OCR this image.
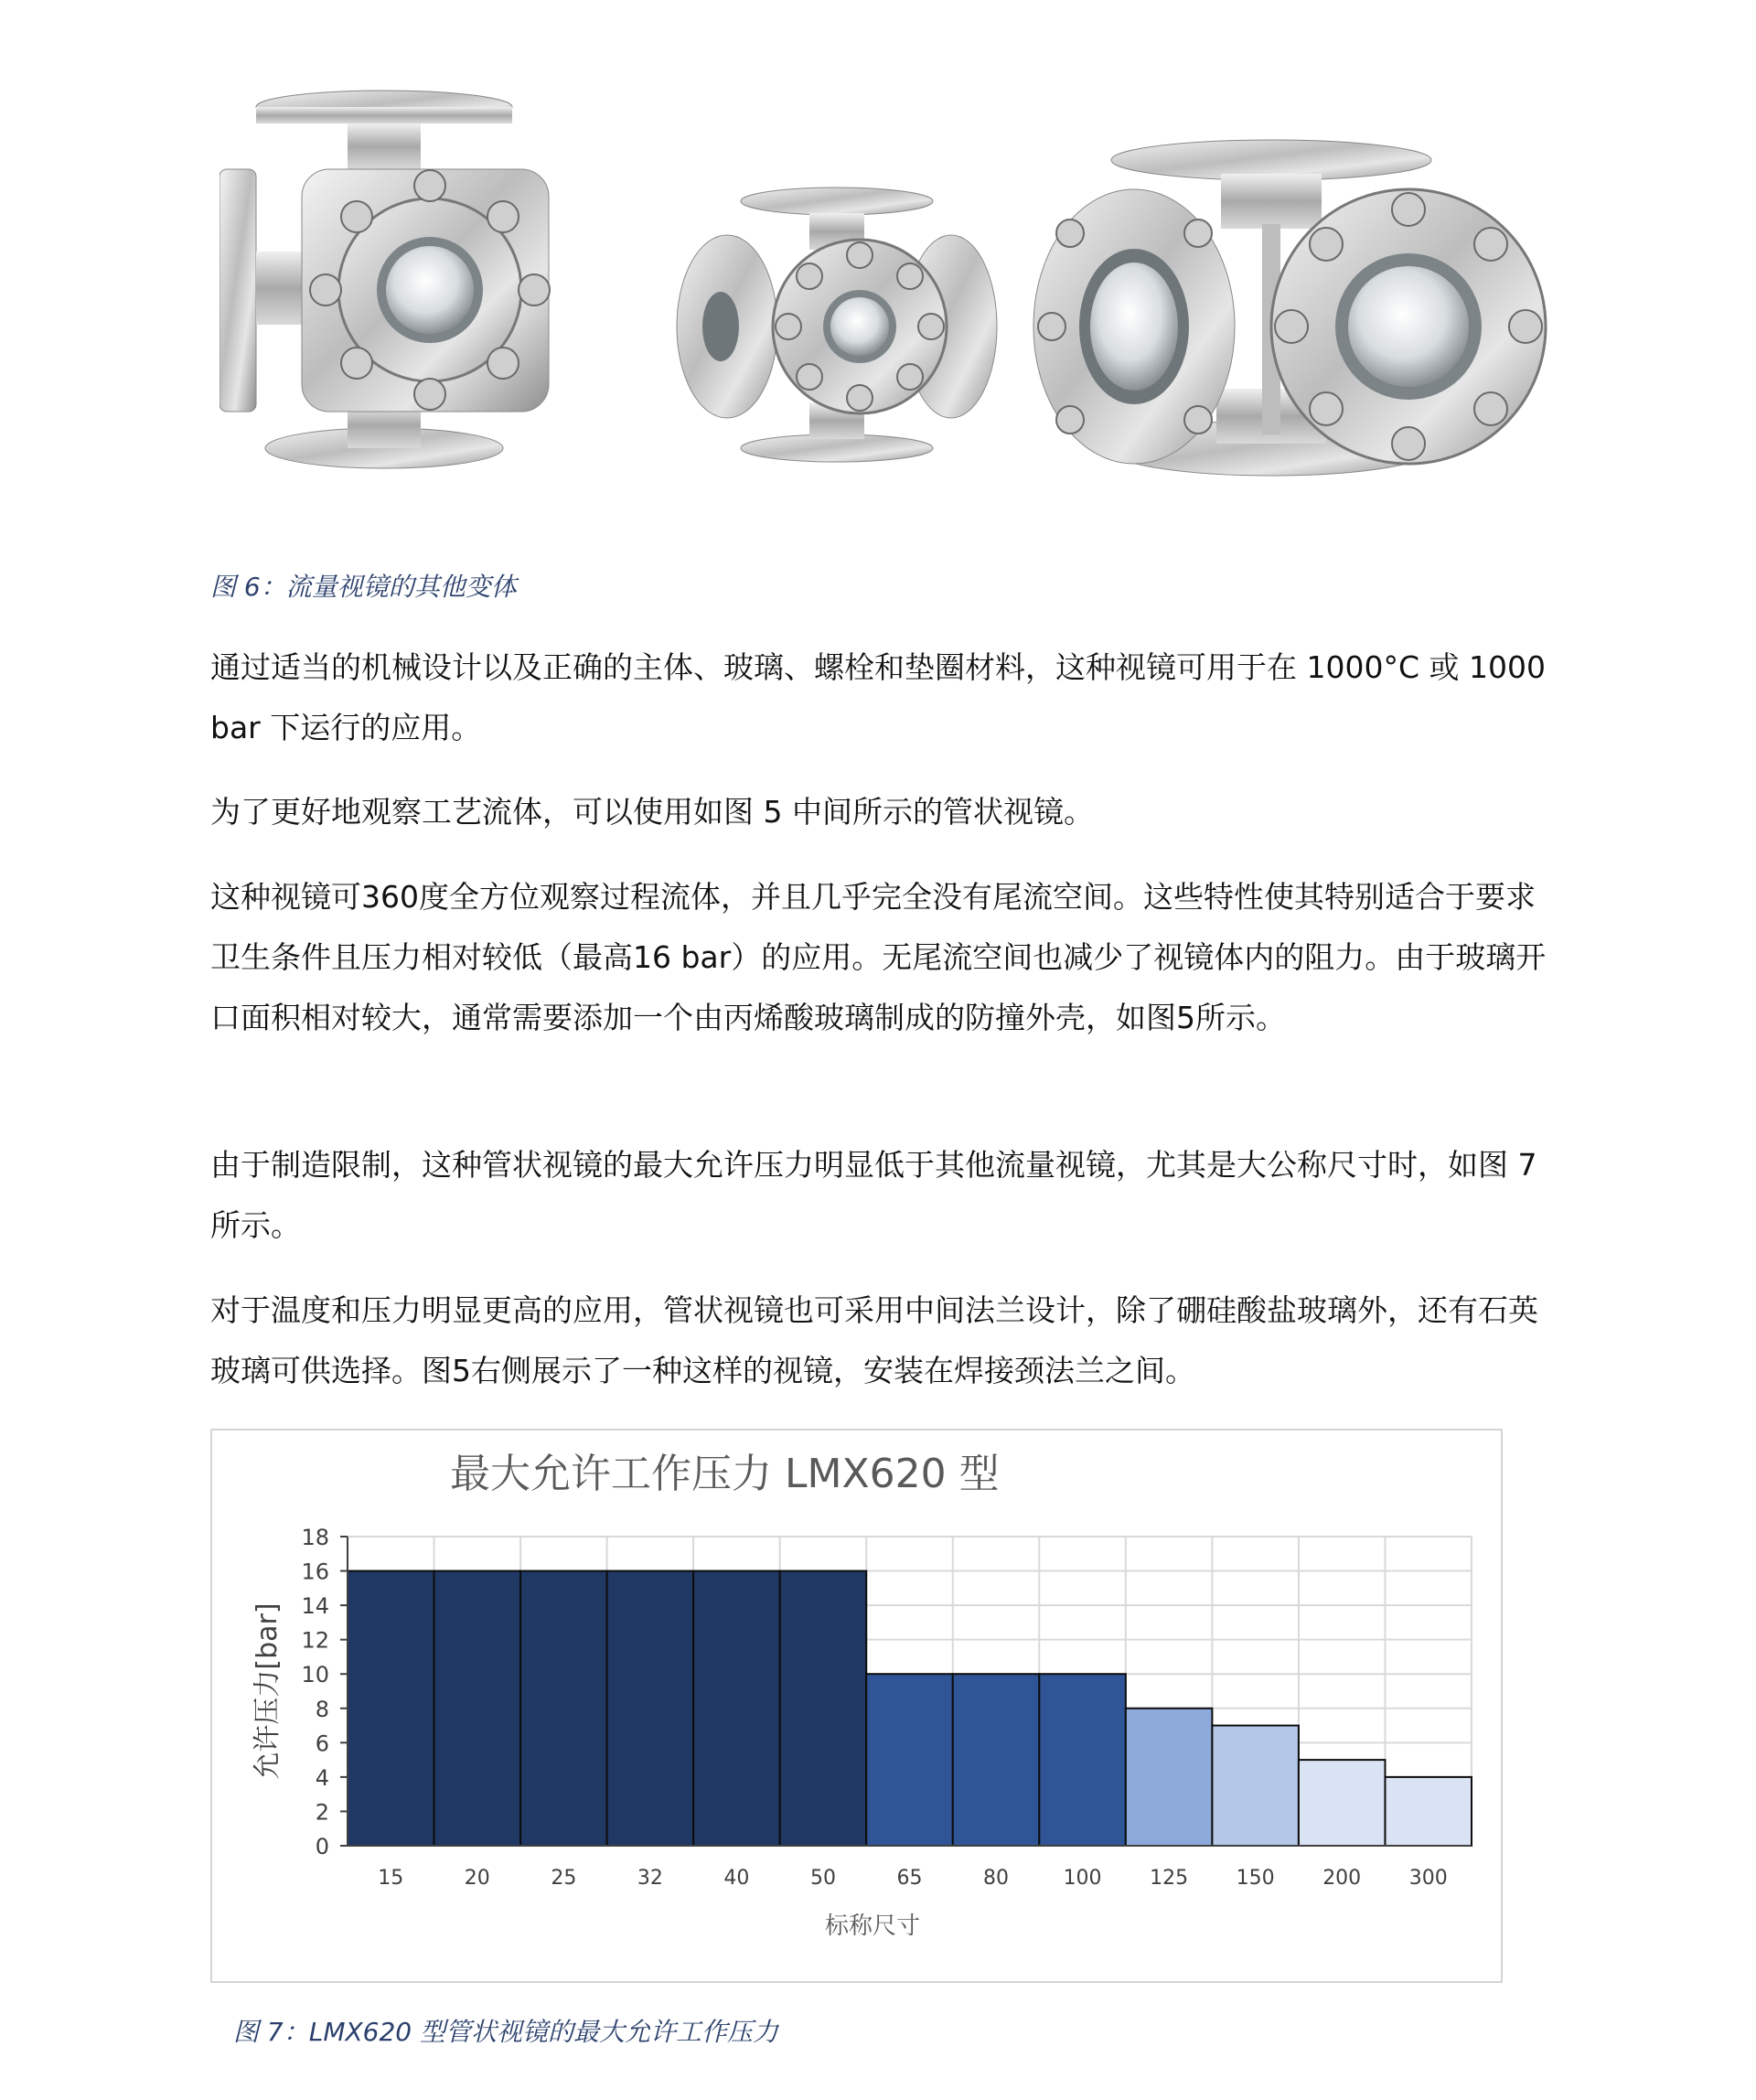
图 6：流量视镜的其他变体

通过适当的机械设计以及正确的主体、玻璃、螺栓和垫圈材料，这种视镜可用于在 1000°C 或 1000 bar 下运行的应用。

为了更好地观察工艺流体，可以使用如图 5 中间所示的管状视镜。

这种视镜可360度全方位观察过程流体，并且几乎完全没有尾流空间。这些特性使其特别适合于要求卫生条件且压力相对较低（最高16 bar）的应用。无尾流空间也减少了视镜体内的阻力。由于玻璃开口面积相对较大，通常需要添加一个由丙烯酸玻璃制成的防撞外壳，如图5所示。

由于制造限制，这种管状视镜的最大允许压力明显低于其他流量视镜，尤其是大公称尺寸时，如图 7 所示。

对于温度和压力明显更高的应用，管状视镜也可采用中间法兰设计，除了硼硅酸盐玻璃外，还有石英玻璃可供选择。图5右侧展示了一种这样的视镜，安装在焊接颈法兰之间。

最大允许工作压力 LMX620 型
0
2
4
6
8
10
12
14
16
18
15	20	25	32	40	50	65	80	100 125 150 200 300
允许压力[bar]
标称尺寸
图 7：LMX620 型管状视镜的最大允许工作压力
